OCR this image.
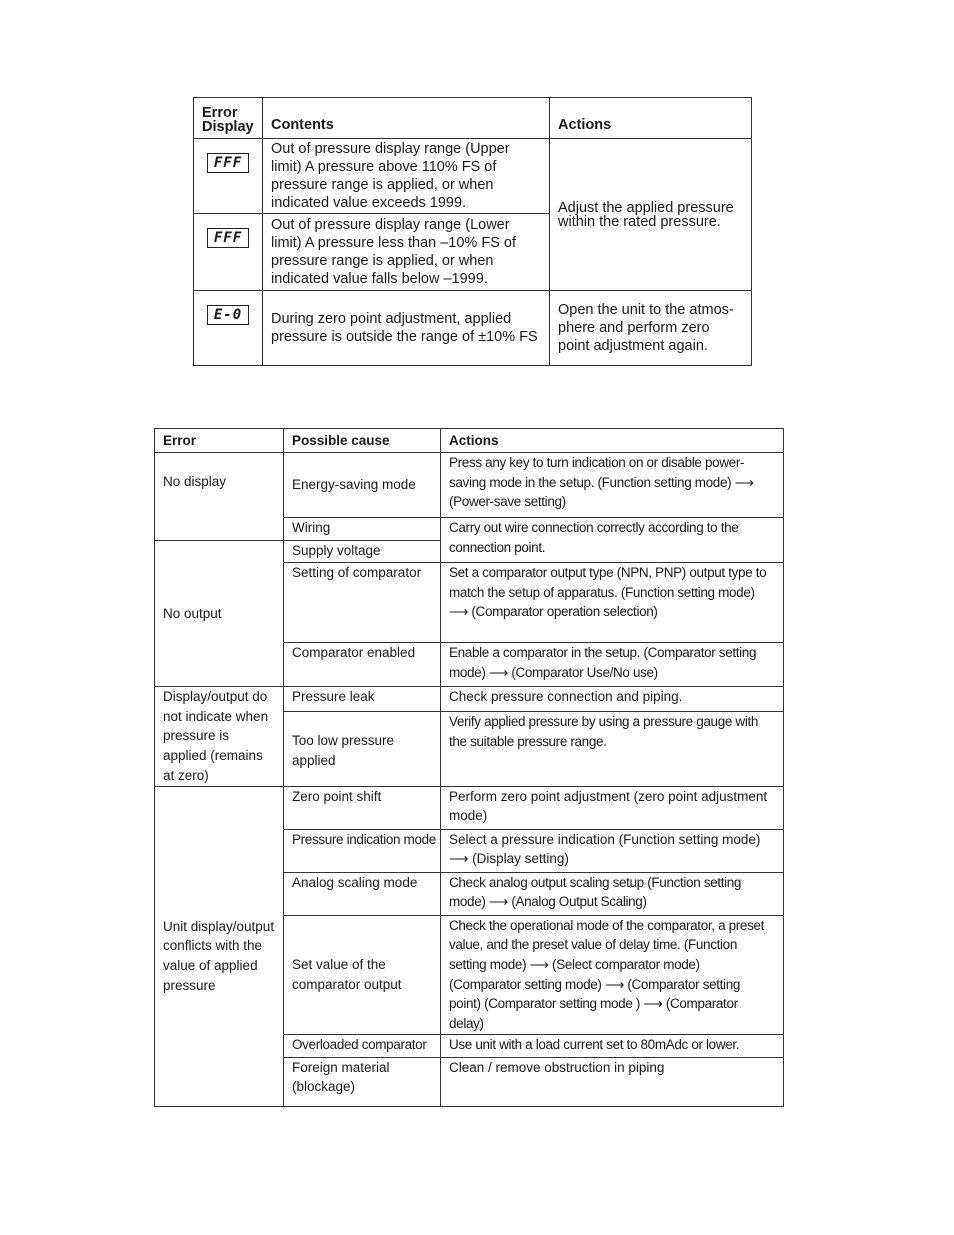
Error
Display	Contents	Actions
FFF	Out of pressure display range (Upper limit) A pressure above 110% FS of pressure range is applied, or when indicated value exceeds 1999.	Adjust the applied pressure within the rated pressure.
FFF	Out of pressure display range (Lower limit) A pressure less than –10% FS of pressure range is applied, or when indicated value falls below –1999.	
E-0	During zero point adjustment, applied pressure is outside the range of ±10% FS	Open the unit to the atmos- phere and perform zero point adjustment again.
Error	Possible cause	Actions
No display	Energy-saving mode	Press any key to turn indication on or disable power-saving mode in the setup. (Function setting mode) ⟶ (Power-save setting)
	Wiring	Carry out wire connection correctly according to the connection point.
No output	Supply voltage	
	Setting of comparator	Set a comparator output type (NPN, PNP) output type to match the setup of apparatus. (Function setting mode) ⟶ (Comparator operation selection)
	Comparator enabled	Enable a comparator in the setup. (Comparator setting mode) ⟶ (Comparator Use/No use)
Display/output do not indicate when pressure is applied (remains at zero)	Pressure leak	Check pressure connection and piping.
	Too low pressure applied	Verify applied pressure by using a pressure gauge with the suitable pressure range.
Unit display/output conflicts with the value of applied pressure	Zero point shift	Perform zero point adjustment (zero point adjustment mode)
	Pressure indication mode	Select a pressure indication (Function setting mode) ⟶ (Display setting)
	Analog scaling mode	Check analog output scaling setup (Function setting mode) ⟶ (Analog Output Scaling)
	Set value of the comparator output	Check the operational mode of the comparator, a preset value, and the preset value of delay time. (Function setting mode) ⟶ (Select comparator mode) (Comparator setting mode) ⟶ (Comparator setting point) (Comparator setting mode ) ⟶ (Comparator delay)
	Overloaded comparator	Use unit with a load current set to 80mAdc or lower.
	Foreign material (blockage)	Clean / remove obstruction in piping
